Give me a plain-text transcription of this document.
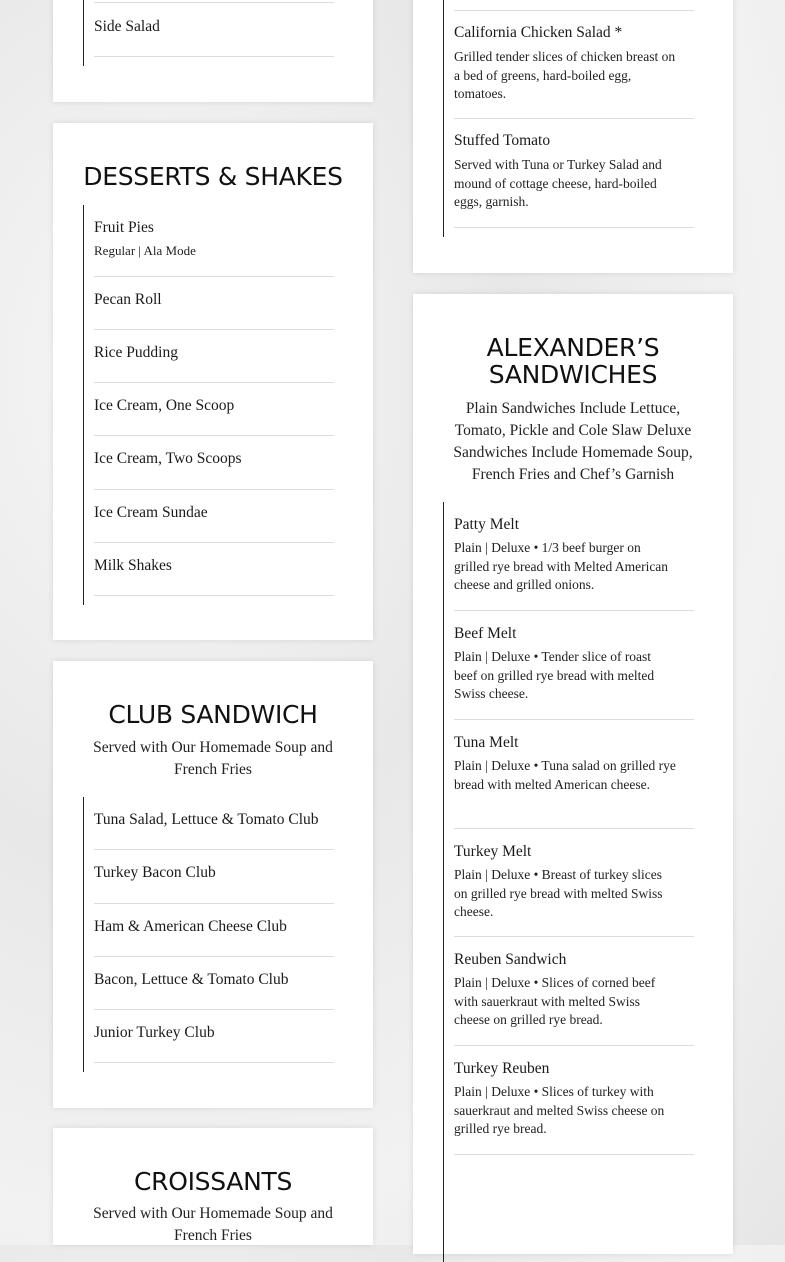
Side Salad
DESSERTS & SHAKES
Fruit Pies
Regular | Ala Mode
Pecan Roll
Rice Pudding
Ice Cream, One Scoop
Ice Cream, Two Scoops
Ice Cream Sundae
Milk Shakes
CLUB SANDWICH
Served with Our Homemade Soup and French Fries
Tuna Salad, Lettuce & Tomato Club
Turkey Bacon Club
Ham & American Cheese Club
Bacon, Lettuce & Tomato Club
Junior Turkey Club
CROISSANTS
Served with Our Homemade Soup and French Fries
California Chicken Salad *
Grilled tender slices of chicken breast on a bed of greens, hard-boiled egg, tomatoes.
Stuffed Tomato
Served with Tuna or Turkey Salad and mound of cottage cheese, hard-boiled eggs, garnish.
ALEXANDER’S SANDWICHES
Plain Sandwiches Include Lettuce, Tomato, Pickle and Cole Slaw Deluxe Sandwiches Include Homemade Soup, French Fries and Chef’s Garnish
Patty Melt
Plain | Deluxe • 1/3 beef burger on grilled rye bread with Melted American cheese and grilled onions.
Beef Melt
Plain | Deluxe • Tender slice of roast beef on grilled rye bread with melted Swiss cheese.
Tuna Melt
Plain | Deluxe • Tuna salad on grilled rye bread with melted American cheese.
Turkey Melt
Plain | Deluxe • Breast of turkey slices on grilled rye bread with melted Swiss cheese.
Reuben Sandwich
Plain | Deluxe • Slices of corned beef with sauerkraut with melted Swiss cheese on grilled rye bread.
Turkey Reuben
Plain | Deluxe • Slices of turkey with sauerkraut and melted Swiss cheese on grilled rye bread.
